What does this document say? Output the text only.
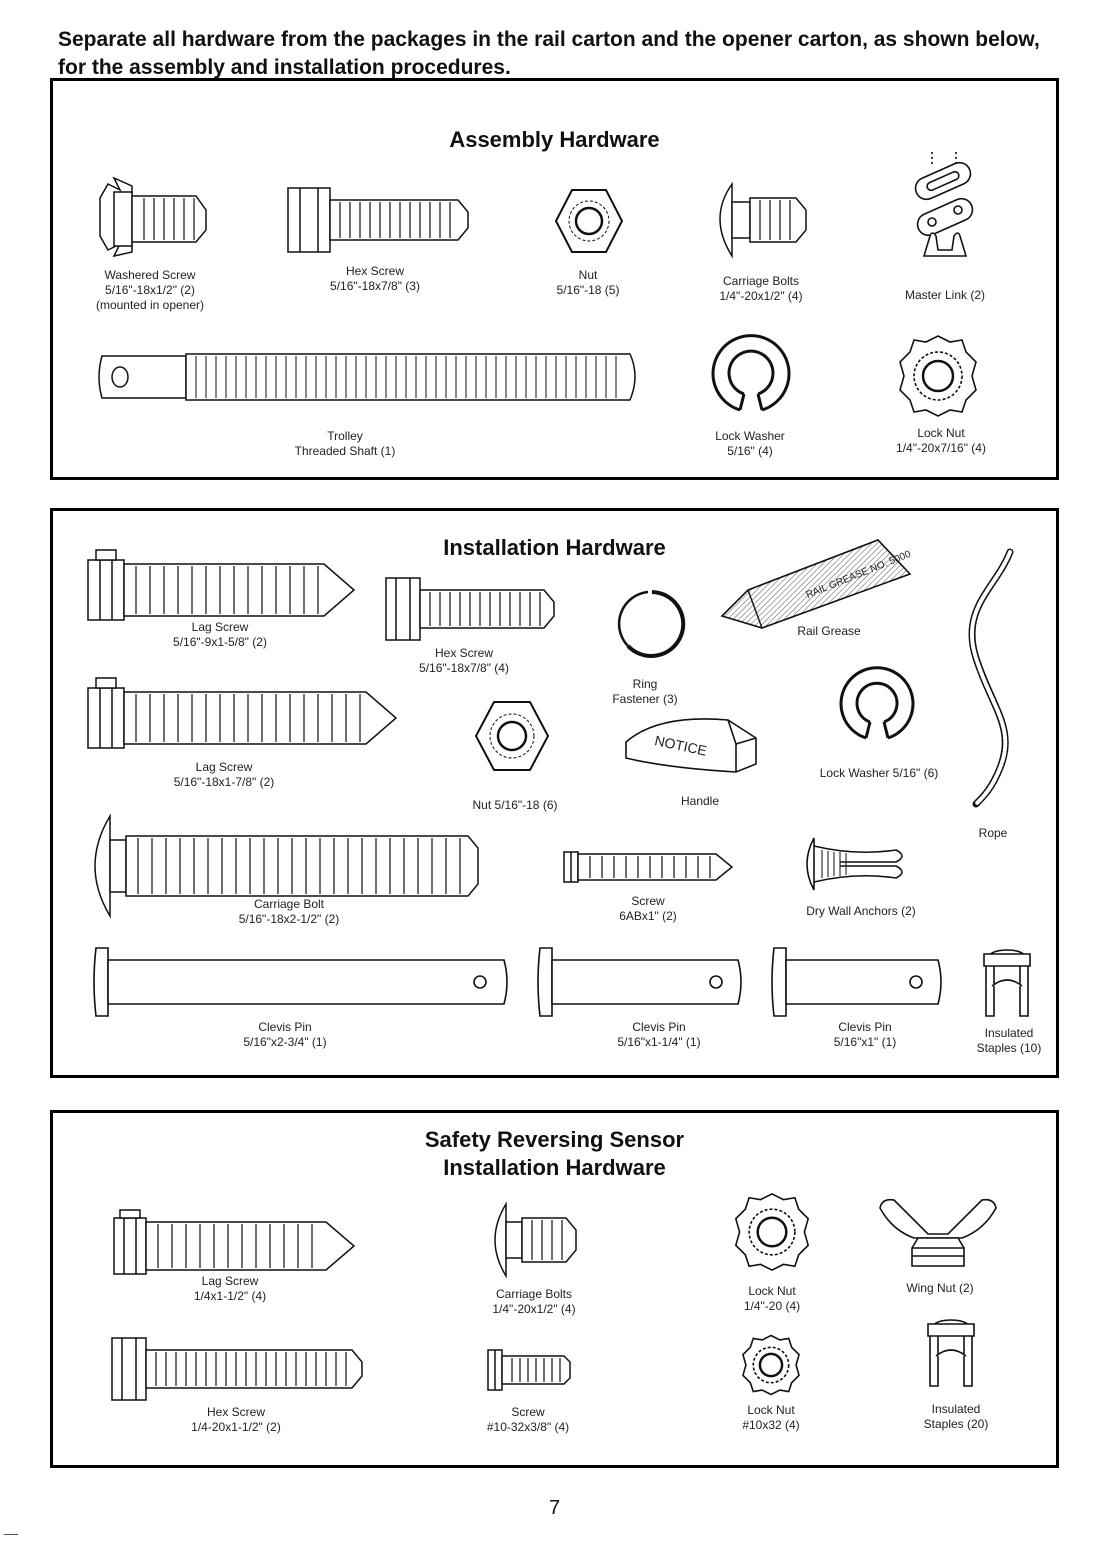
Separate all hardware from the packages in the rail carton and the opener carton, as shown below, for the assembly and installation procedures.
Assembly Hardware
Washered Screw
5/16"-18x1/2" (2)
(mounted in opener)
Hex Screw
5/16"-18x7/8" (3)
Nut
5/16"-18 (5)
Carriage Bolts
1/4"-20x1/2" (4)	Master Link (2)
Trolley
Threaded Shaft (1)
Lock Washer
5/16" (4)
Lock Nut
1/4"-20x7/16" (4)
Installation Hardware
Lag Screw
5/16"-9x1-5/8" (2)
Hex Screw
5/16"-18x7/8" (4)
Ring
Fastener (3)
RAIL GREASE NO. 5000
Rail Grease
Lag Screw
5/16"-18x1-7/8" (2)
Nut 5/16"-18 (6)
NOTICE
Handle
Lock Washer 5/16" (6)
Rope
Carriage Bolt
5/16"-18x2-1/2" (2)
Screw
6ABx1" (2)	Dry Wall Anchors (2)
Clevis Pin
5/16"x2-3/4" (1)
Clevis Pin
5/16"x1-1/4" (1)
Clevis Pin
5/16"x1" (1)
Insulated
Staples (10)
Safety Reversing Sensor
Installation Hardware
Lag Screw
1/4x1-1/2" (4)	Carriage Bolts
1/4"-20x1/2" (4)
Lock Nut
1/4"-20 (4)
Wing Nut (2)
Hex Screw
1/4-20x1-1/2" (2)
Screw
#10-32x3/8" (4)
Lock Nut
#10x32 (4)
Insulated
Staples (20)
7
